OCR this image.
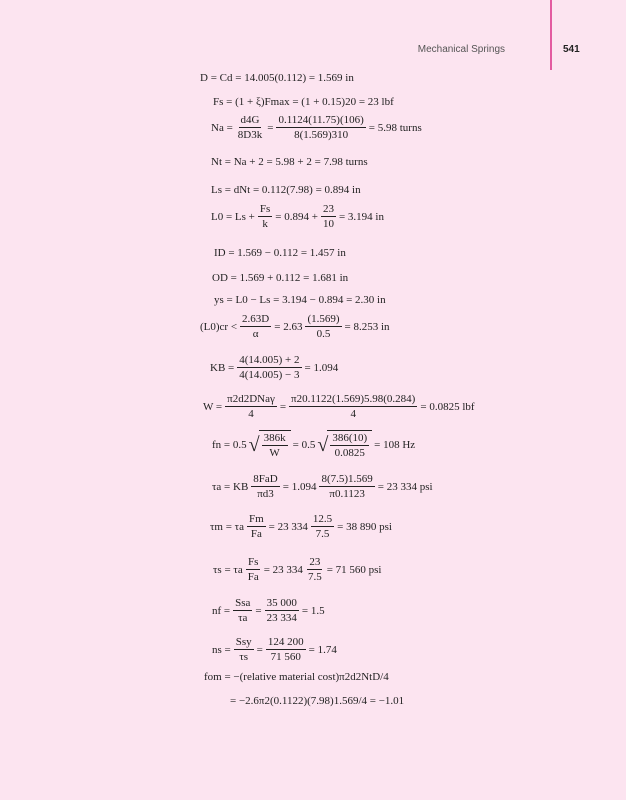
Mechanical Springs	541
D = Cd = 14.005(0.112) = 1.569 in
Fs = (1 + ξ)Fmax = (1 + 0.15)20 = 23 lbf
$Na = \frac{d4G}{8D3k} = \frac{0.1124(11.75)(106)}{8(1.569)310} = 5.98$ turns
Nt = Na + 2 = 5.98 + 2 = 7.98 turns
Ls = dNt = 0.112(7.98) = 0.894 in
$L0 = Ls + \frac{Fs}{k} = 0.894 + \frac{23}{10} = 3.194$ in
ID = 1.569 − 0.112 = 1.457 in
OD = 1.569 + 0.112 = 1.681 in
ys = L0 − Ls = 3.194 − 0.894 = 2.30 in
$(L0)cr < \frac{2.63D}{\alpha} = 2.63 \frac{(1.569)}{0.5} = 8.253$ in
KB = $\frac{4(14.005) + 2}{4(14.005) - 3} = 1.094$
$W = \frac{\text{π2d2DNaγ}}{4} = \frac{\pi 20.1122(1.569)5.98(0.284)}{4} = 0.0825$ lbf
fn = 0.5 √ $\frac{386k}{W} = 0.5$ √ $\frac{386(10)}{0.0825} = 108$ Hz
τa = KB $\frac{\text{8FaD}}{\pi d3} = 1.094 \frac{8(7.5)1.569}{\pi 0.1123} = 23$ 334 psi
τm = τa $\frac{Fm}{Fa} = 23$ $334 \frac{12.5}{7.5} = 38$ 890 psi
τs = τa $\frac{Fs}{Fa} = 23$ $334 \frac{23}{7.5} = 71$ 560 psi
nf = $\frac{\text{Ssa}}{\tau a} = \frac{35 000}{23 334} = 1.5$
ns = $\frac{\text{Ssy}}{\tau s} = \frac{124 200}{71 560} = 1.74$
fom = −(relative material cost)π2d2NtD/4
= −2.6π2(0.1122)(7.98)1.569/4 = −1.01
